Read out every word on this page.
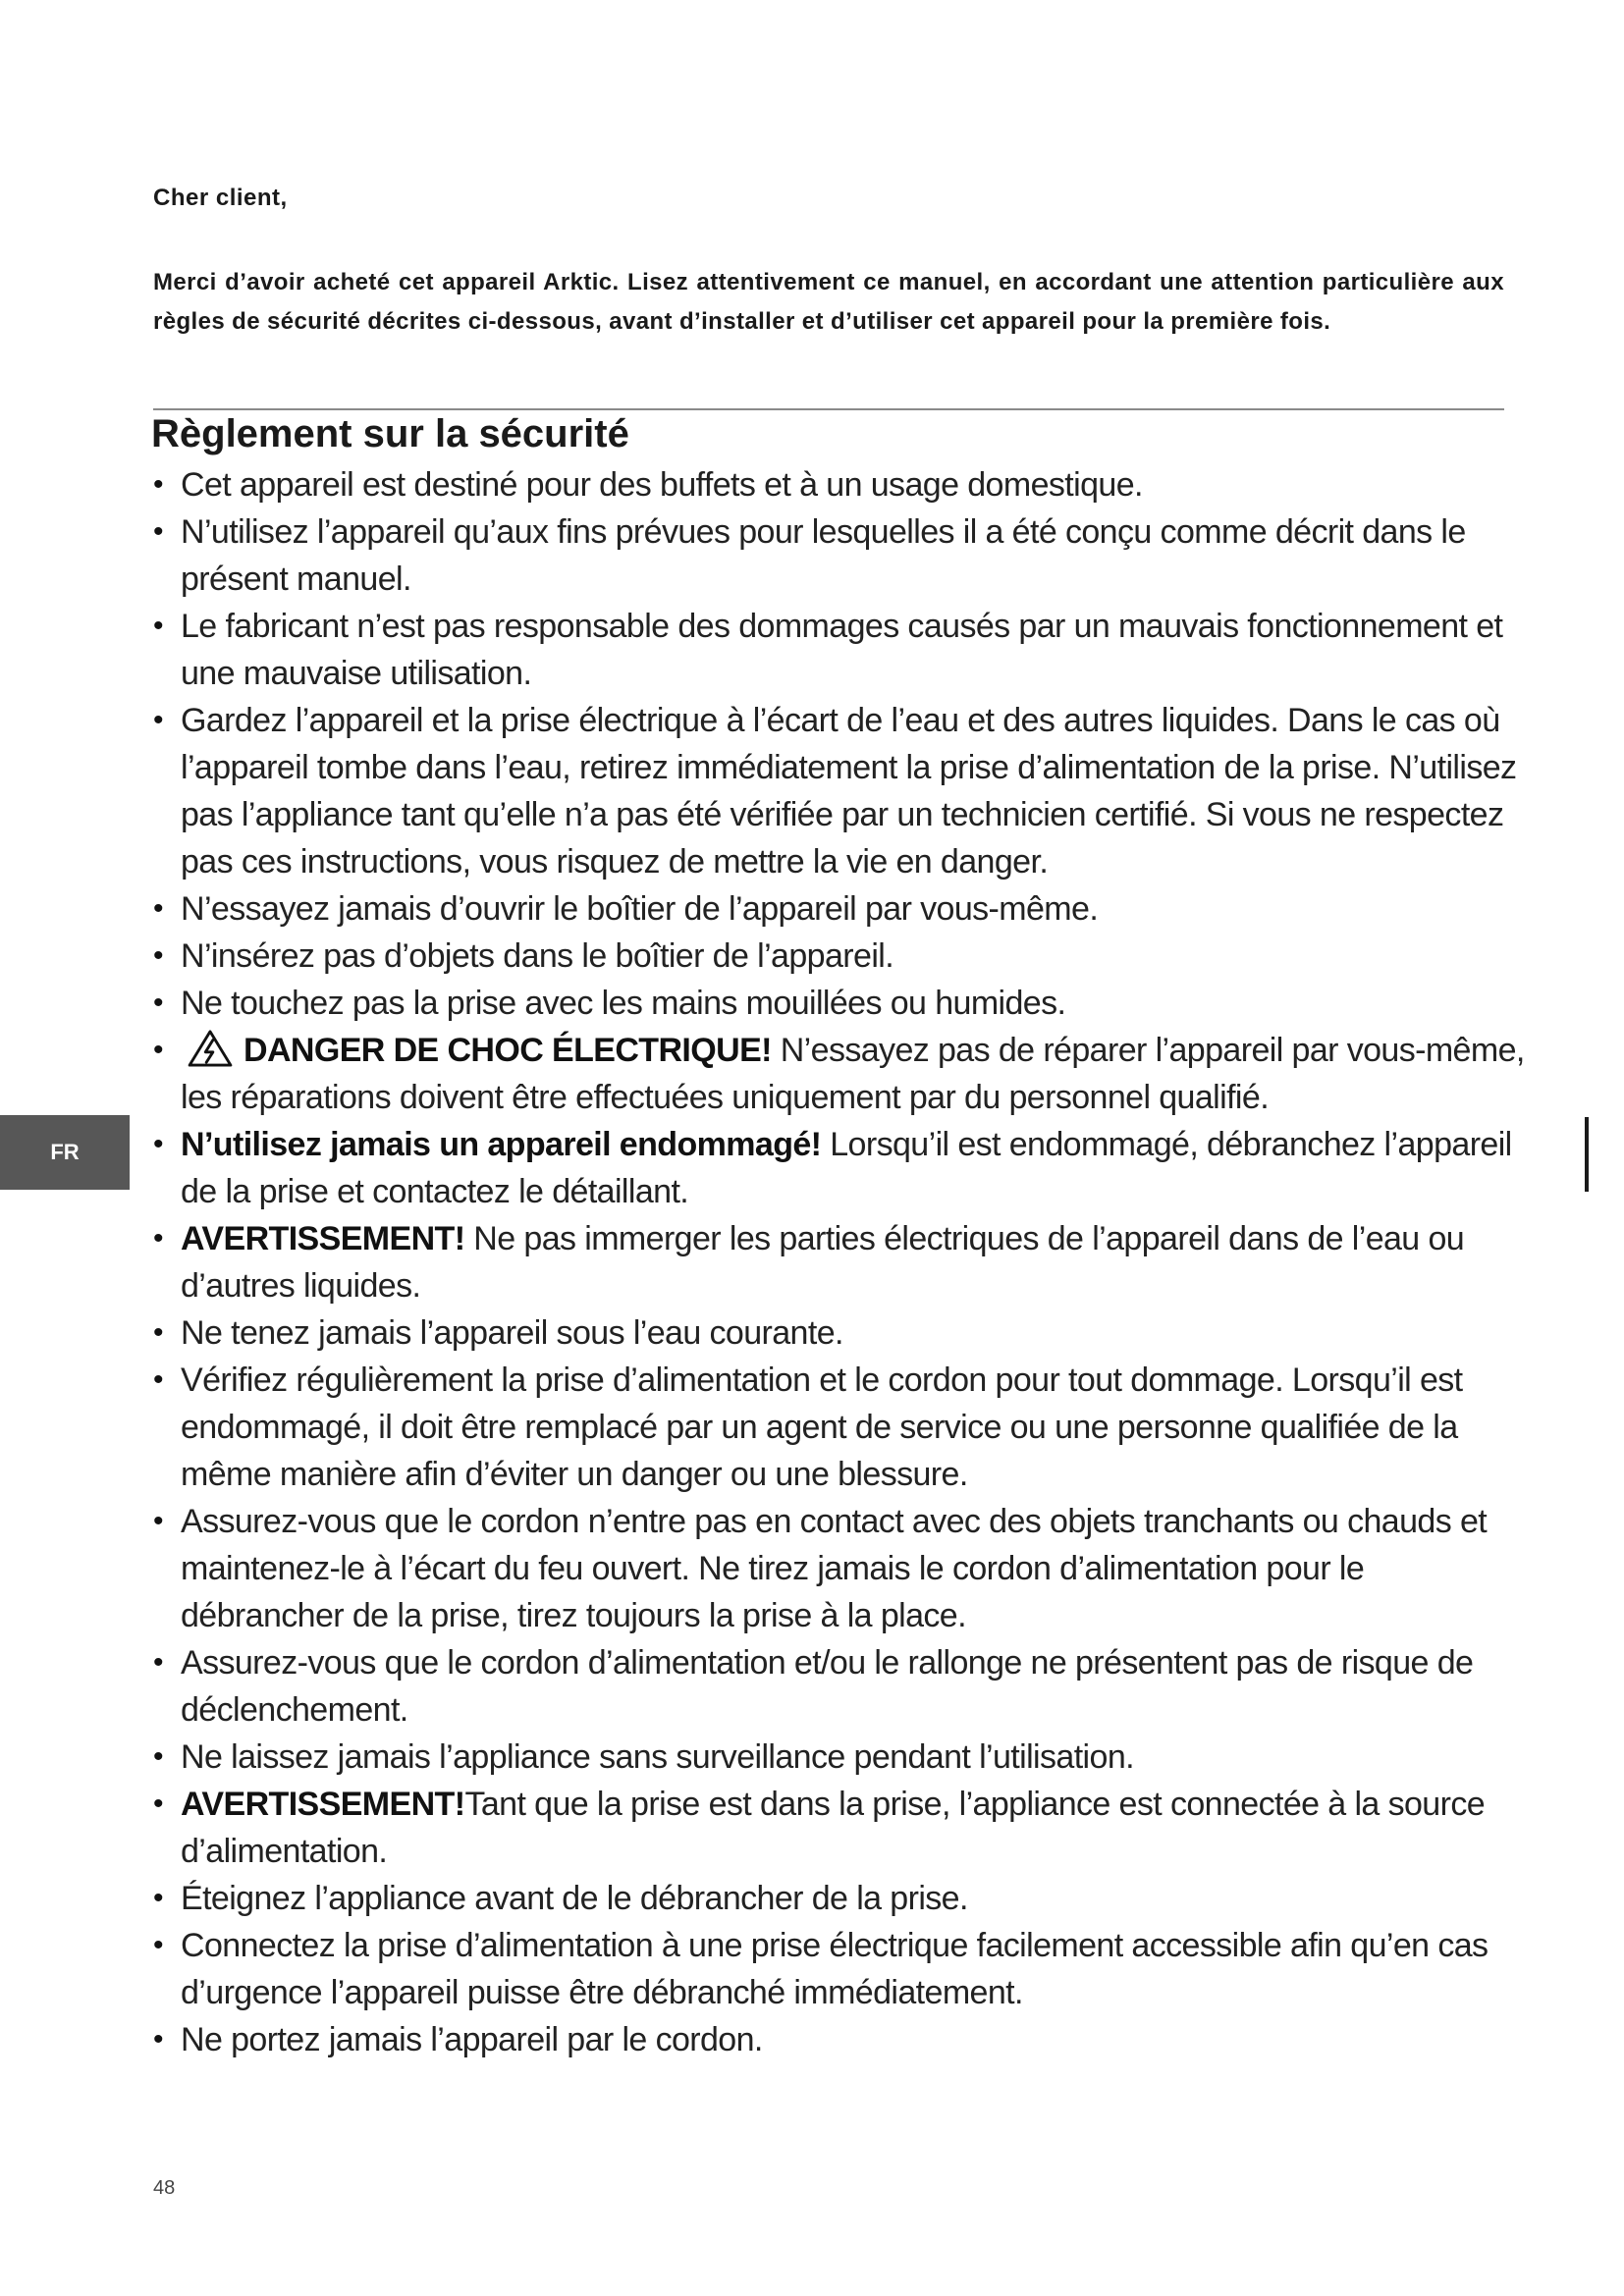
Cher client,
Merci d’avoir acheté cet appareil Arktic. Lisez attentivement ce manuel, en accordant une attention particulière aux règles de sécurité décrites ci-dessous, avant d’installer et d’utiliser cet appareil pour la première fois.
Règlement sur la sécurité
• Cet appareil est destiné pour des buffets et à un usage domestique.
• N’utilisez l’appareil qu’aux fins prévues pour lesquelles il a été conçu comme décrit dans le présent manuel.
• Le fabricant n’est pas responsable des dommages causés par un mauvais fonctionnement et une mauvaise utilisation.
• Gardez l’appareil et la prise électrique à l’écart de l’eau et des autres liquides. Dans le cas où l’appareil tombe dans l’eau, retirez immédiatement la prise d’alimentation de la prise. N’utilisez pas l’appliance tant qu’elle n’a pas été vérifiée par un technicien certifié. Si vous ne respectez pas ces instructions, vous risquez de mettre la vie en danger.
• N’essayez jamais d’ouvrir le boîtier de l’appareil par vous-même.
• N’insérez pas d’objets dans le boîtier de l’appareil.
• Ne touchez pas la prise avec les mains mouillées ou humides.
•	DANGER DE CHOC ÉLECTRIQUE! N’essayez pas de réparer l’appareil par vous-même, les réparations doivent être effectuées uniquement par du personnel qualifié.
• N’utilisez jamais un appareil endommagé! Lorsqu’il est endommagé, débranchez l’appareil de la prise et contactez le détaillant.
• AVERTISSEMENT! Ne pas immerger les parties électriques de l’appareil dans de l’eau ou d’autres liquides.
• Ne tenez jamais l’appareil sous l’eau courante.
• Vérifiez régulièrement la prise d’alimentation et le cordon pour tout dommage. Lorsqu’il est endommagé, il doit être remplacé par un agent de service ou une personne qualifiée de la même manière afin d’éviter un danger ou une blessure.
• Assurez-vous que le cordon n’entre pas en contact avec des objets tranchants ou chauds et maintenez-le à l’écart du feu ouvert. Ne tirez jamais le cordon d’alimentation pour le débrancher de la prise, tirez toujours la prise à la place.
• Assurez-vous que le cordon d’alimentation et/ou le rallonge ne présentent pas de risque de déclenchement.
• Ne laissez jamais l’appliance sans surveillance pendant l’utilisation.
• AVERTISSEMENT!Tant que la prise est dans la prise, l’appliance est connectée à la source d’alimentation.
• Éteignez l’appliance avant de le débrancher de la prise.
• Connectez la prise d’alimentation à une prise électrique facilement accessible afin qu’en cas d’urgence l’appareil puisse être débranché immédiatement.
• Ne portez jamais l’appareil par le cordon.
FR
48
